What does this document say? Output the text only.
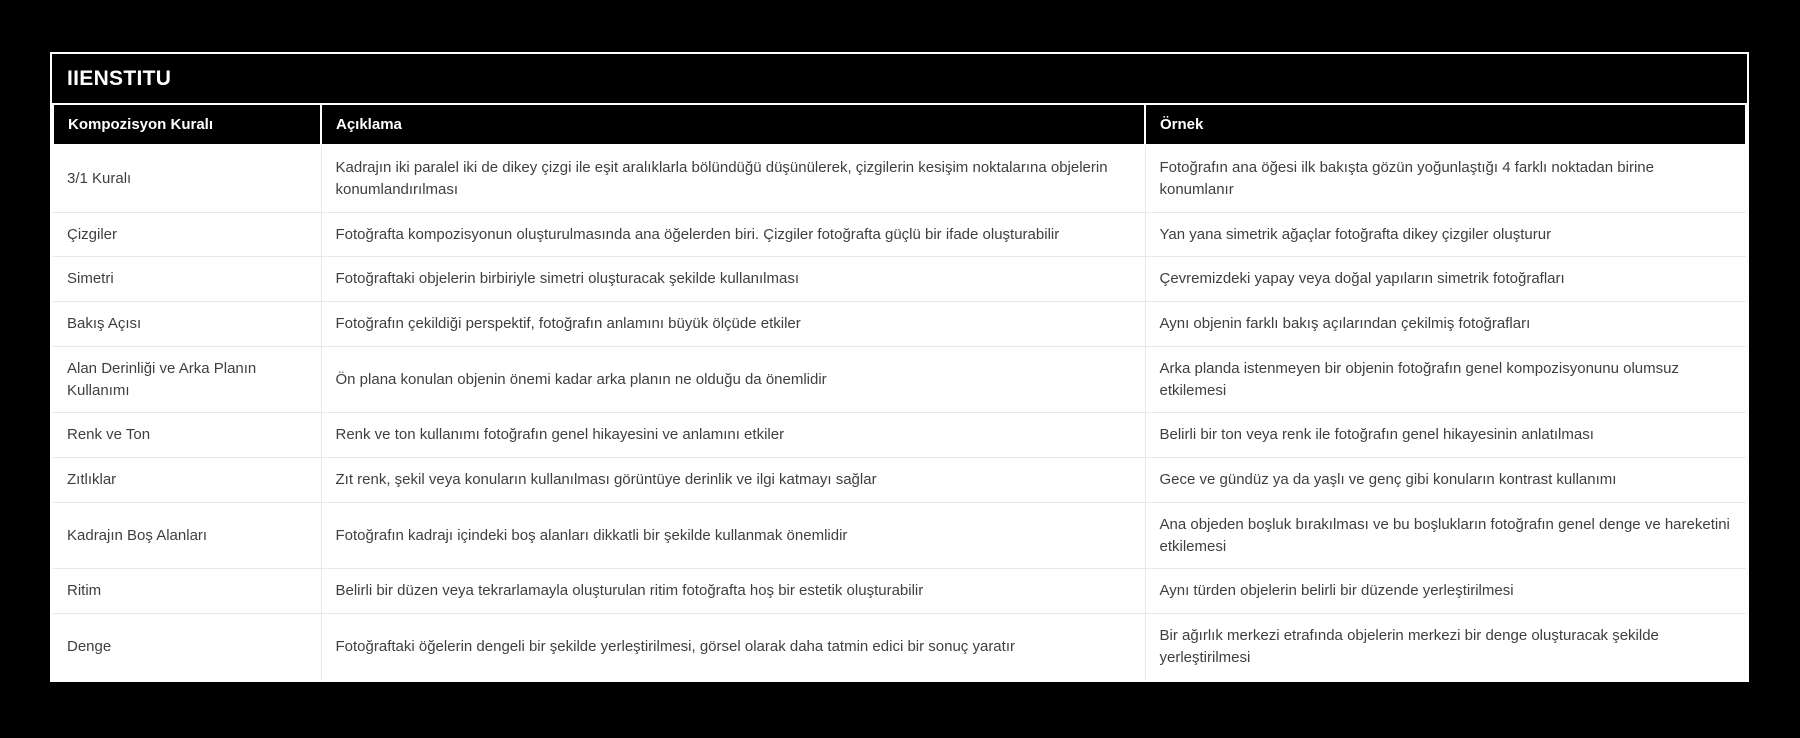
IIENSTITU
Kompozisyon Kuralı	Açıklama	Örnek
3/1 Kuralı	Kadrajın iki paralel iki de dikey çizgi ile eşit aralıklarla bölündüğü düşünülerek, çizgilerin kesişim noktalarına objelerin konumlandırılması	Fotoğrafın ana öğesi ilk bakışta gözün yoğunlaştığı 4 farklı noktadan birine konumlanır
Çizgiler	Fotoğrafta kompozisyonun oluşturulmasında ana öğelerden biri. Çizgiler fotoğrafta güçlü bir ifade oluşturabilir	Yan yana simetrik ağaçlar fotoğrafta dikey çizgiler oluşturur
Simetri	Fotoğraftaki objelerin birbiriyle simetri oluşturacak şekilde kullanılması	Çevremizdeki yapay veya doğal yapıların simetrik fotoğrafları
Bakış Açısı	Fotoğrafın çekildiği perspektif, fotoğrafın anlamını büyük ölçüde etkiler	Aynı objenin farklı bakış açılarından çekilmiş fotoğrafları
Alan Derinliği ve Arka Planın Kullanımı	Ön plana konulan objenin önemi kadar arka planın ne olduğu da önemlidir	Arka planda istenmeyen bir objenin fotoğrafın genel kompozisyonunu olumsuz etkilemesi
Renk ve Ton	Renk ve ton kullanımı fotoğrafın genel hikayesini ve anlamını etkiler	Belirli bir ton veya renk ile fotoğrafın genel hikayesinin anlatılması
Zıtlıklar	Zıt renk, şekil veya konuların kullanılması görüntüye derinlik ve ilgi katmayı sağlar	Gece ve gündüz ya da yaşlı ve genç gibi konuların kontrast kullanımı
Kadrajın Boş Alanları	Fotoğrafın kadrajı içindeki boş alanları dikkatli bir şekilde kullanmak önemlidir	Ana objeden boşluk bırakılması ve bu boşlukların fotoğrafın genel denge ve hareketini etkilemesi
Ritim	Belirli bir düzen veya tekrarlamayla oluşturulan ritim fotoğrafta hoş bir estetik oluşturabilir	Aynı türden objelerin belirli bir düzende yerleştirilmesi
Denge	Fotoğraftaki öğelerin dengeli bir şekilde yerleştirilmesi, görsel olarak daha tatmin edici bir sonuç yaratır	Bir ağırlık merkezi etrafında objelerin merkezi bir denge oluşturacak şekilde yerleştirilmesi
